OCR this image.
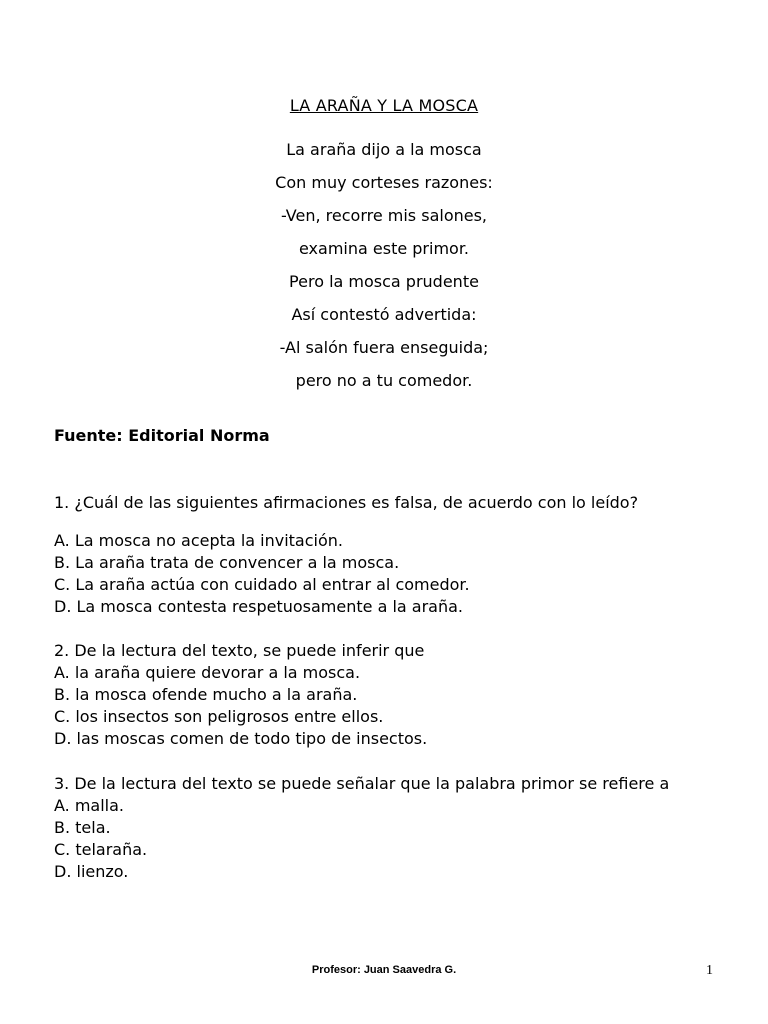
LA ARAÑA Y LA MOSCA
La araña dijo a la mosca
Con muy corteses razones:
-Ven, recorre mis salones,
examina este primor.
Pero la mosca prudente
Así contestó advertida:
-Al salón fuera enseguida;
pero no a tu comedor.
Fuente: Editorial Norma
1. ¿Cuál de las siguientes afirmaciones es falsa, de acuerdo con lo leído?
A. La mosca no acepta la invitación.
B. La araña trata de convencer a la mosca.
C. La araña actúa con cuidado al entrar al comedor.
D. La mosca contesta respetuosamente a la araña.
2. De la lectura del texto, se puede inferir que
A. la araña quiere devorar a la mosca.
B. la mosca ofende mucho a la araña.
C. los insectos son peligrosos entre ellos.
D. las moscas comen de todo tipo de insectos.
3. De la lectura del texto se puede señalar que la palabra primor se refiere a
A. malla.
B. tela.
C. telaraña.
D. lienzo.
Profesor: Juan Saavedra G.	1
